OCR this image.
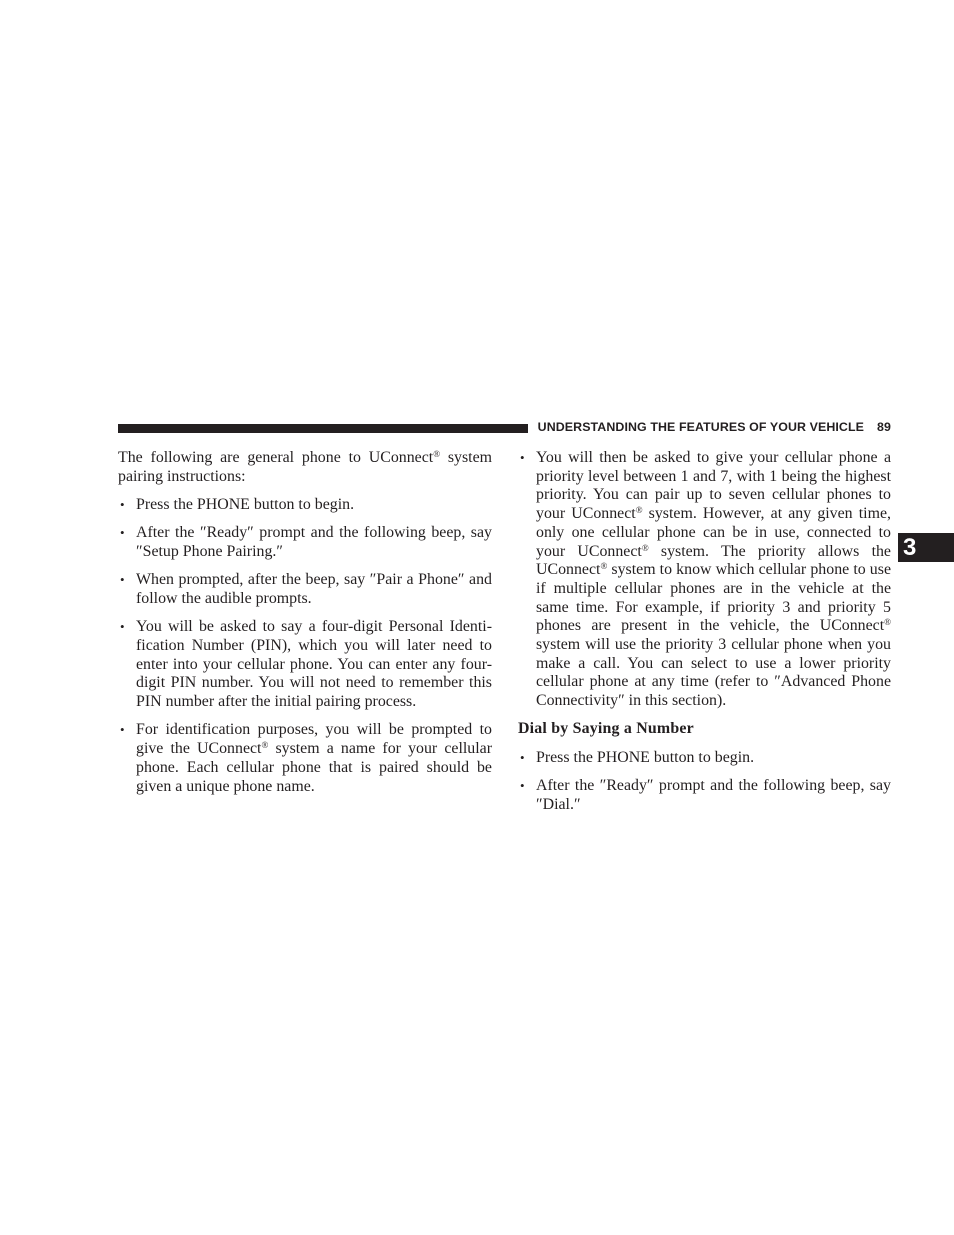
UNDERSTANDING THE FEATURES OF YOUR VEHICLE 89
3

The following are general phone to UConnect® system pairing instructions:

• Press the PHONE button to begin.
• After the ″Ready″ prompt and the following beep, say ″Setup Phone Pairing.″
• When prompted, after the beep, say ″Pair a Phone″ and follow the audible prompts.
• You will be asked to say a four-digit Personal Identification Number (PIN), which you will later need to enter into your cellular phone. You can enter any four-digit PIN number. You will not need to remember this PIN number after the initial pairing process.
• For identification purposes, you will be prompted to give the UConnect® system a name for your cellular phone. Each cellular phone that is paired should be given a unique phone name.
• You will then be asked to give your cellular phone a priority level between 1 and 7, with 1 being the highest priority. You can pair up to seven cellular phones to your UConnect® system. However, at any given time, only one cellular phone can be in use, connected to your UConnect® system. The priority allows the UConnect® system to know which cellular phone to use if multiple cellular phones are in the vehicle at the same time. For example, if priority 3 and priority 5 phones are present in the vehicle, the UConnect® system will use the priority 3 cellular phone when you make a call. You can select to use a lower priority cellular phone at any time (refer to ″Advanced Phone Connectivity″ in this section).
Dial by Saying a Number
• Press the PHONE button to begin.
• After the ″Ready″ prompt and the following beep, say ″Dial.″
